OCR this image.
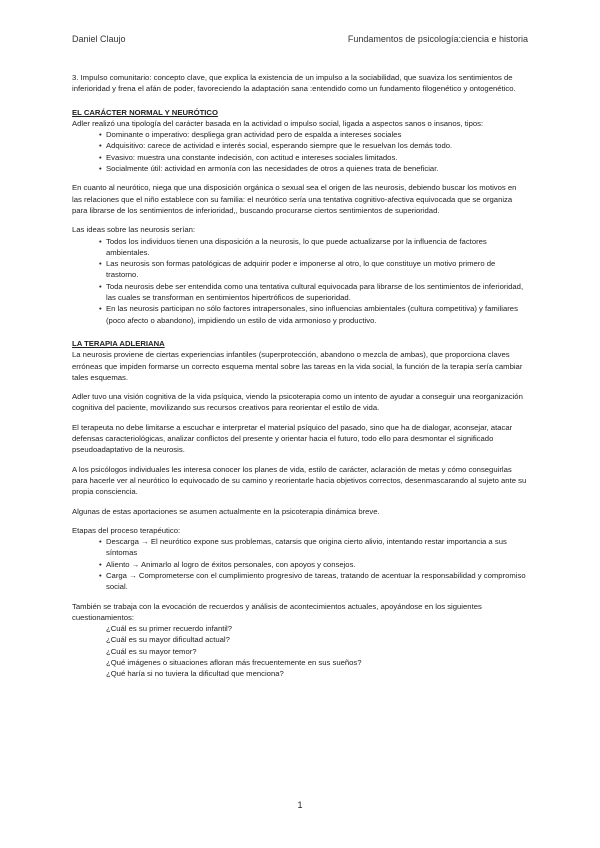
Daniel Claujo	Fundamentos de psicología:ciencia e historia

3. Impulso comunitario: concepto clave, que explica la existencia de un impulso a la sociabilidad, que suaviza los sentimientos de inferioridad y frena el afán de poder, favoreciendo la adaptación sana :entendido como un fundamento filogenético y ontogenético.

EL CARÁCTER NORMAL Y NEURÓTICO

Adler realizó una tipología del carácter basada en la actividad o impulso social, ligada a aspectos sanos o insanos, tipos:

• Dominante o imperativo: despliega gran actividad pero de espalda a intereses sociales
• Adquisitivo: carece de actividad e interés social, esperando siempre que le resuelvan los demás todo.
• Evasivo: muestra una constante indecisión, con actitud e intereses sociales limitados.
• Socialmente útil: actividad en armonía con las necesidades de otros a quienes trata de beneficiar.

En cuanto al neurótico, niega que una disposición orgánica o sexual sea el origen de las neurosis, debiendo buscar los motivos en las relaciones que el niño establece con su familia: el neurótico sería una tentativa cognitivo-afectiva equivocada que se organiza para librarse de los sentimientos de inferioridad,, buscando procurarse ciertos sentimientos de superioridad.

Las ideas sobre las neurosis serían:

• Todos los individuos tienen una disposición a la neurosis, lo que puede actualizarse por la influencia de factores ambientales.
• Las neurosis son formas patológicas de adquirir poder e imponerse al otro, lo que constituye un motivo primero de trastorno.
• Toda neurosis debe ser entendida como una tentativa cultural equivocada para librarse de los sentimientos de inferioridad, las cuales se transforman en sentimientos hipertróficos de superioridad.
• En las neurosis participan no sólo factores intrapersonales, sino influencias ambientales (cultura competitiva) y familiares (poco afecto o abandono), impidiendo un estilo de vida armonioso y productivo.
LA TERAPIA ADLERIANA

La neurosis proviene de ciertas experiencias infantiles (superprotección, abandono o mezcla de ambas), que proporciona claves erróneas que impiden formarse un correcto esquema mental sobre las tareas en la vida social, la función de la terapia sería cambiar tales esquemas.

Adler tuvo una visión cognitiva de la vida psíquica, viendo la psicoterapia como un intento de ayudar a conseguir una reorganización cognitiva del paciente, movilizando sus recursos creativos para reorientar el estilo de vida.

El terapeuta no debe limitarse a escuchar e interpretar el material psíquico del pasado, sino que ha de dialogar, aconsejar, atacar defensas caracteriológicas, analizar conflictos del presente y orientar hacia el futuro, todo ello para desmontar el significado pseudoadaptativo de la neurosis.

A los psicólogos individuales les interesa conocer los planes de vida, estilo de carácter, aclaración de metas y cómo conseguirlas para hacerle ver al neurótico lo equivocado de su camino y reorientarle hacia objetivos correctos, desenmascarando al sujeto ante su propia consciencia.

Algunas de estas aportaciones se asumen actualmente en la psicoterapia dinámica breve.

Etapas del proceso terapéutico:

• Descarga → El neurótico expone sus problemas, catarsis que origina cierto alivio, intentando restar importancia a sus síntomas
• Aliento → Animarlo al logro de éxitos personales, con apoyos y consejos.
• Carga → Comprometerse con el cumplimiento progresivo de tareas, tratando de acentuar la responsabilidad y compromiso social.

También se trabaja con la evocación de recuerdos y análisis de acontecimientos actuales, apoyándose en los siguientes cuestionamientos:

¿Cuál es su primer recuerdo infantil?
¿Cuál es su mayor dificultad actual?
¿Cuál es su mayor temor?
¿Qué imágenes o situaciones afloran más frecuentemente en sus sueños?
¿Qué haría si no tuviera la dificultad que menciona?
1
